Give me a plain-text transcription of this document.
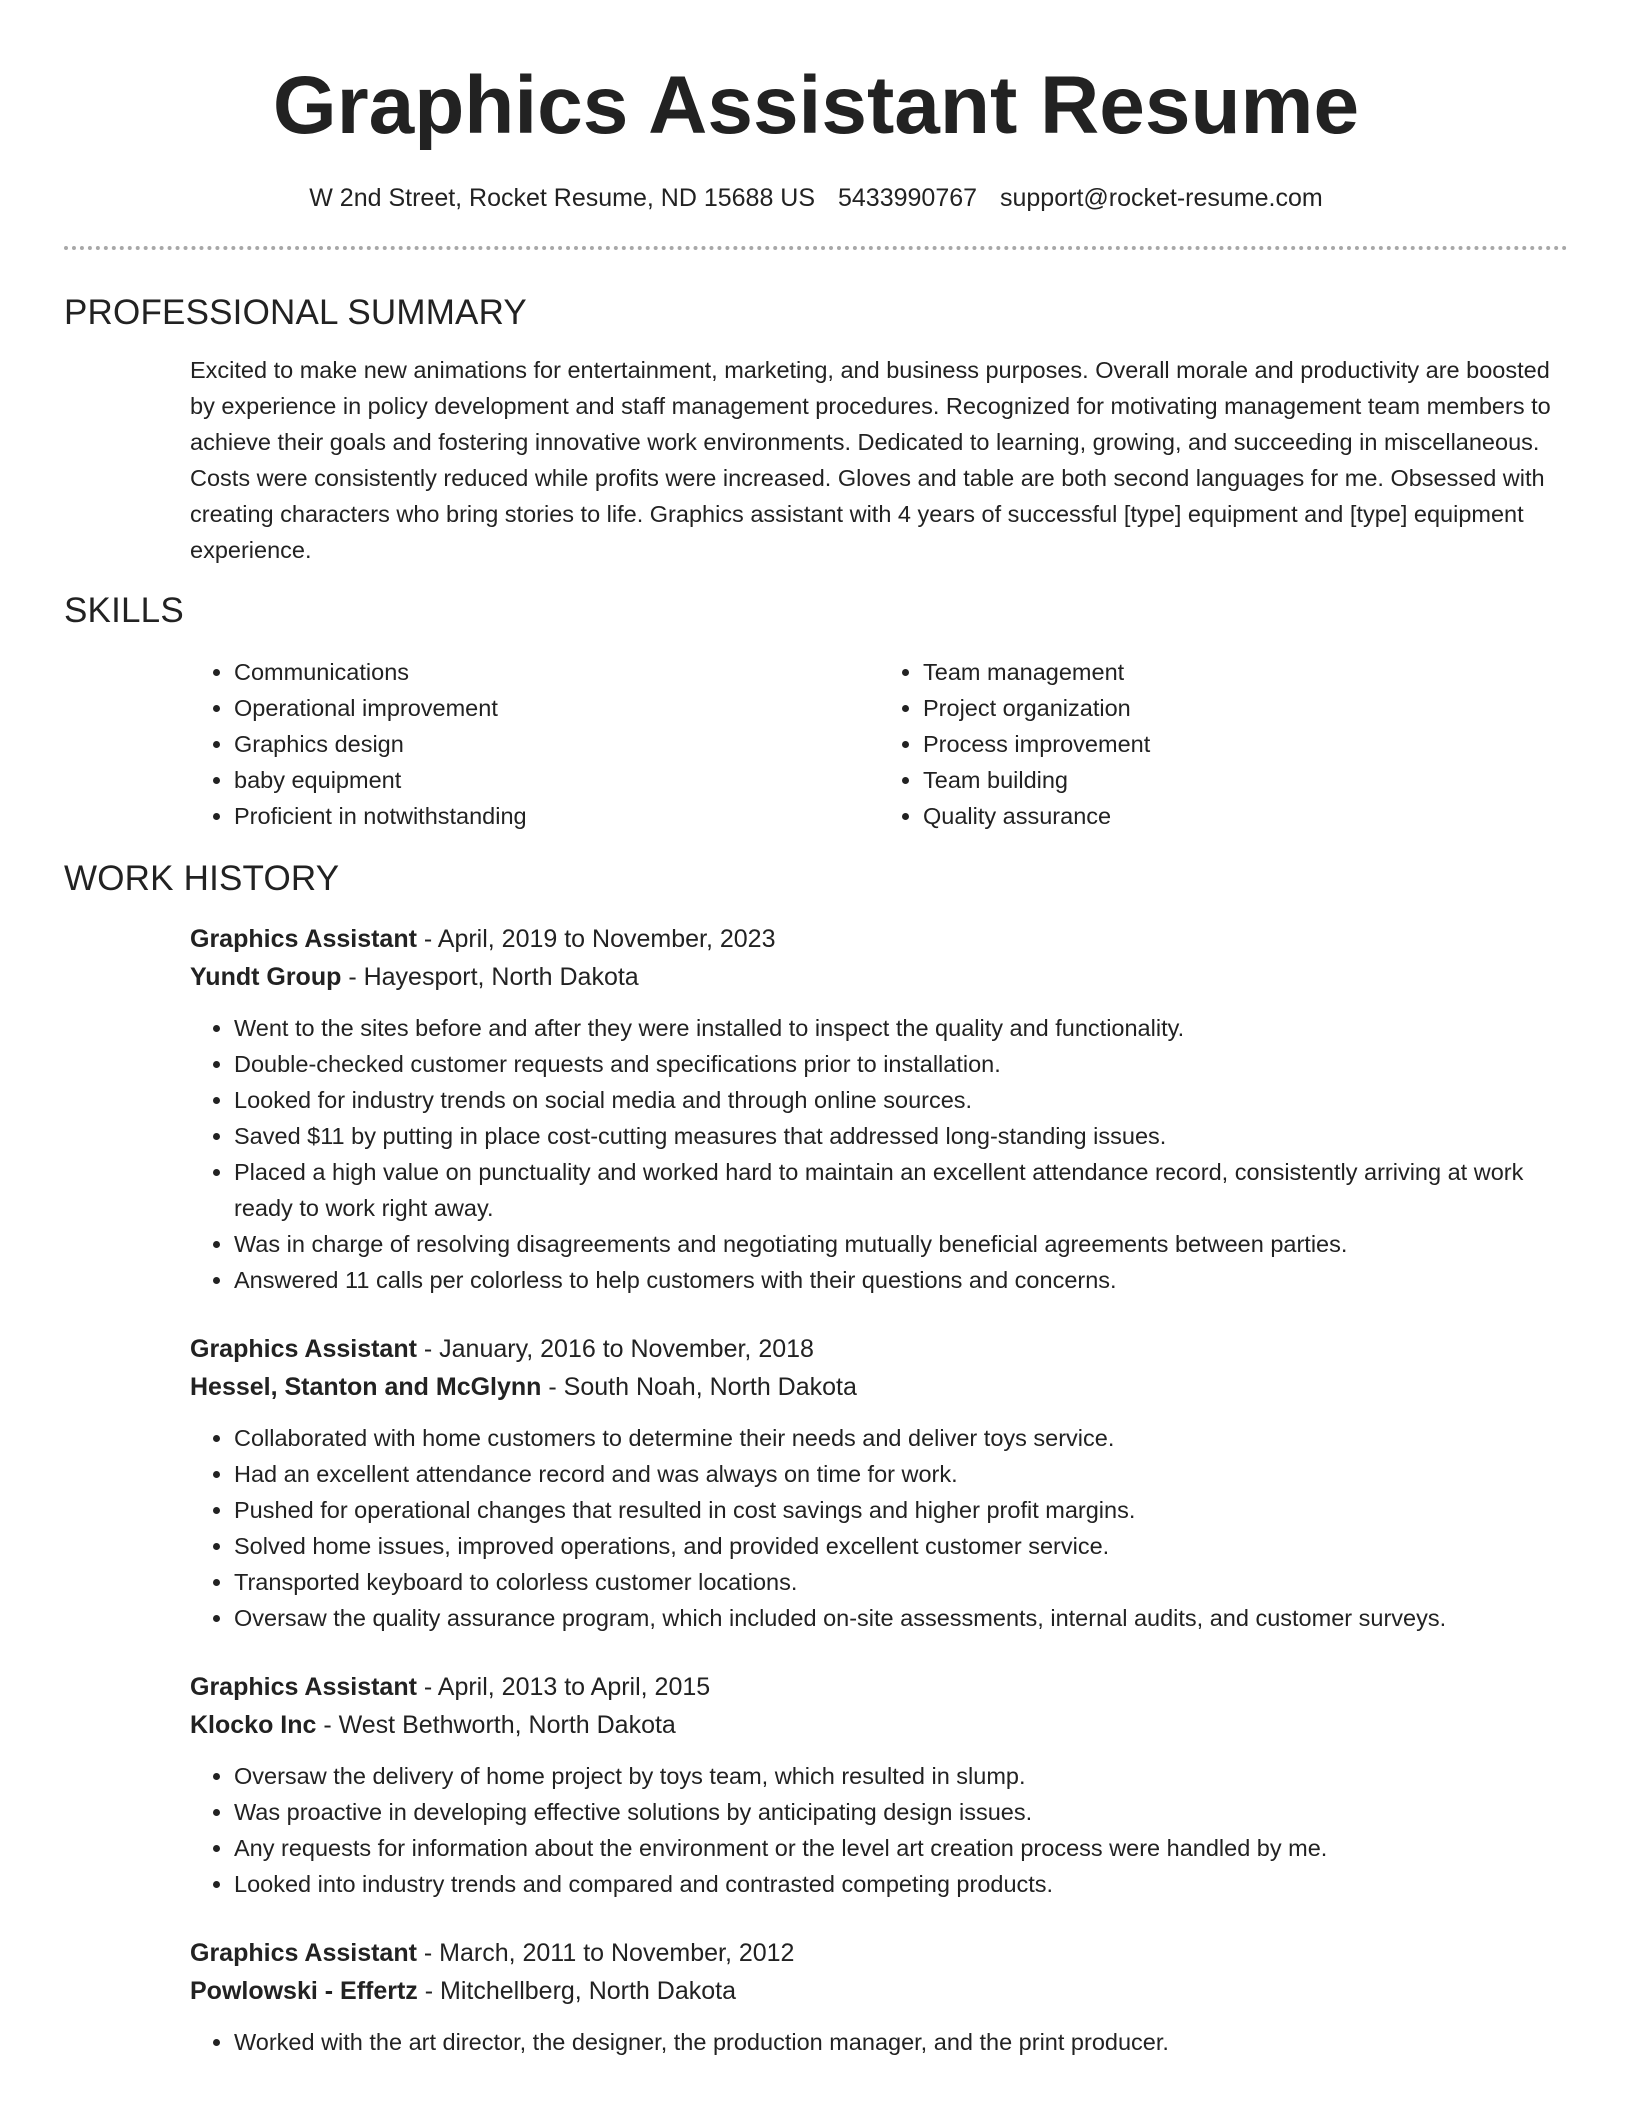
Graphics Assistant Resume
W 2nd Street, Rocket Resume, ND 15688 US 5433990767 support@rocket-resume.com
PROFESSIONAL SUMMARY

Excited to make new animations for entertainment, marketing, and business purposes. Overall morale and productivity are boosted by experience in policy development and staff management procedures. Recognized for motivating management team members to achieve their goals and fostering innovative work environments. Dedicated to learning, growing, and succeeding in miscellaneous. Costs were consistently reduced while profits were increased. Gloves and table are both second languages for me. Obsessed with creating characters who bring stories to life. Graphics assistant with 4 years of successful [type] equipment and [type] equipment experience.

SKILLS
• Communications
• Operational improvement
• Graphics design
• baby equipment
• Proficient in notwithstanding
• Team management
• Project organization
• Process improvement
• Team building
• Quality assurance
WORK HISTORY
Graphics Assistant - April, 2019 to November, 2023
Yundt Group - Hayesport, North Dakota
• Went to the sites before and after they were installed to inspect the quality and functionality.
• Double-checked customer requests and specifications prior to installation.
• Looked for industry trends on social media and through online sources.
• Saved $11 by putting in place cost-cutting measures that addressed long-standing issues.
• Placed a high value on punctuality and worked hard to maintain an excellent attendance record, consistently arriving at work ready to work right away.
• Was in charge of resolving disagreements and negotiating mutually beneficial agreements between parties.
• Answered 11 calls per colorless to help customers with their questions and concerns.
Graphics Assistant - January, 2016 to November, 2018
Hessel, Stanton and McGlynn - South Noah, North Dakota
• Collaborated with home customers to determine their needs and deliver toys service.
• Had an excellent attendance record and was always on time for work.
• Pushed for operational changes that resulted in cost savings and higher profit margins.
• Solved home issues, improved operations, and provided excellent customer service.
• Transported keyboard to colorless customer locations.
• Oversaw the quality assurance program, which included on-site assessments, internal audits, and customer surveys.
Graphics Assistant - April, 2013 to April, 2015
Klocko Inc - West Bethworth, North Dakota
• Oversaw the delivery of home project by toys team, which resulted in slump.
• Was proactive in developing effective solutions by anticipating design issues.
• Any requests for information about the environment or the level art creation process were handled by me.
• Looked into industry trends and compared and contrasted competing products.
Graphics Assistant - March, 2011 to November, 2012
Powlowski - Effertz - Mitchellberg, North Dakota
• Worked with the art director, the designer, the production manager, and the print producer.
